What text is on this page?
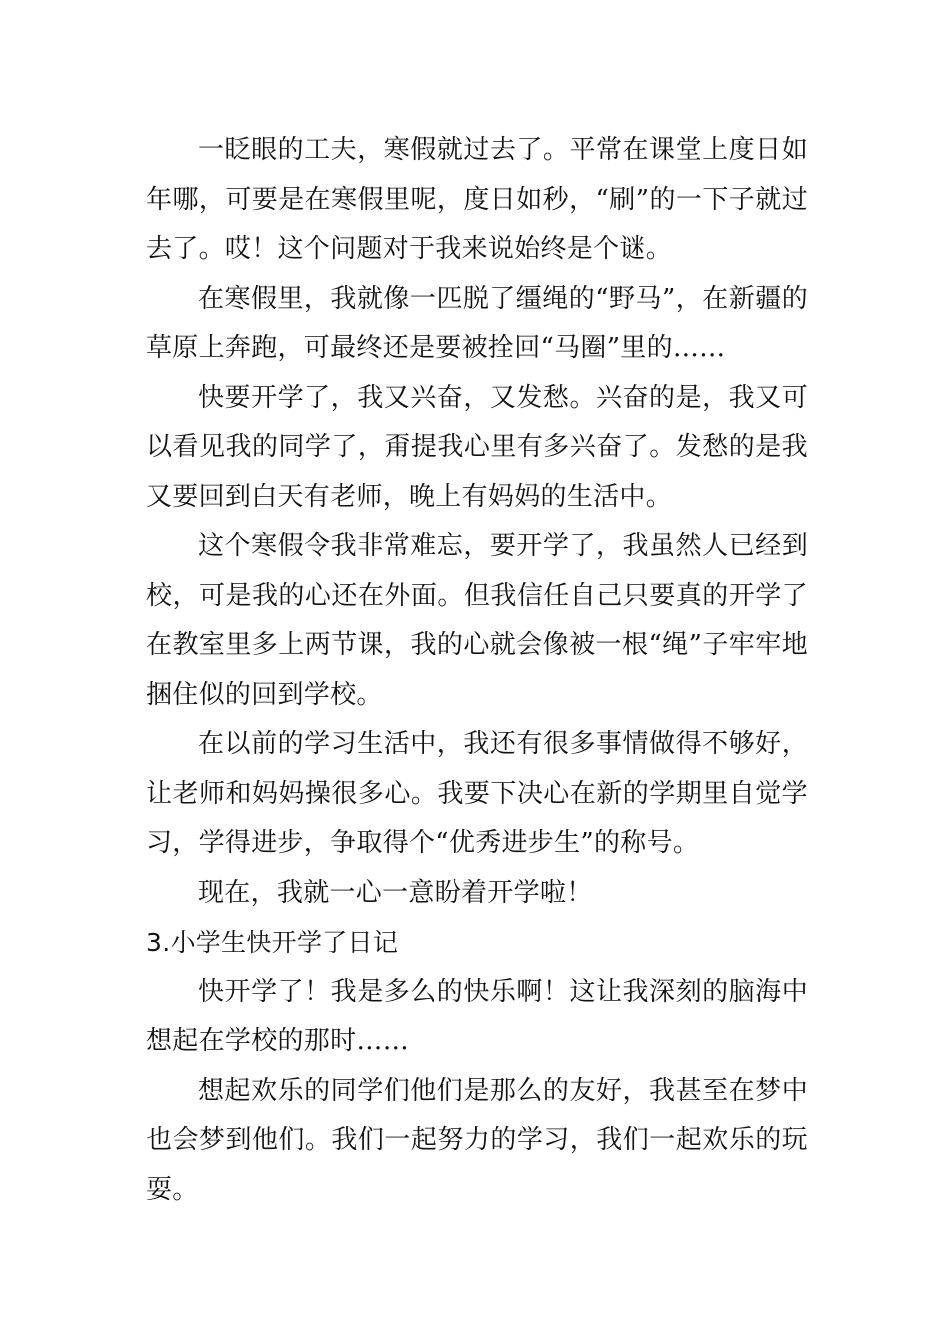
一眨眼的工夫，寒假就过去了。平常在课堂上度日如年哪，可要是在寒假里呢，度日如秒，“刷”的一下子就过去了。哎！这个问题对于我来说始终是个谜。

在寒假里，我就像一匹脱了缰绳的“野马”，在新疆的草原上奔跑，可最终还是要被拴回“马圈”里的……

快要开学了，我又兴奋，又发愁。兴奋的是，我又可以看见我的同学了，甭提我心里有多兴奋了。发愁的是我又要回到白天有老师，晚上有妈妈的生活中。

这个寒假令我非常难忘，要开学了，我虽然人已经到校，可是我的心还在外面。但我信任自己只要真的开学了在教室里多上两节课，我的心就会像被一根“绳”子牢牢地捆住似的回到学校。

在以前的学习生活中，我还有很多事情做得不够好，让老师和妈妈操很多心。我要下决心在新的学期里自觉学习，学得进步，争取得个“优秀进步生”的称号。

现在，我就一心一意盼着开学啦！

3.小学生快开学了日记

快开学了！我是多么的快乐啊！这让我深刻的脑海中想起在学校的那时……

想起欢乐的同学们他们是那么的友好，我甚至在梦中也会梦到他们。我们一起努力的学习，我们一起欢乐的玩耍。
